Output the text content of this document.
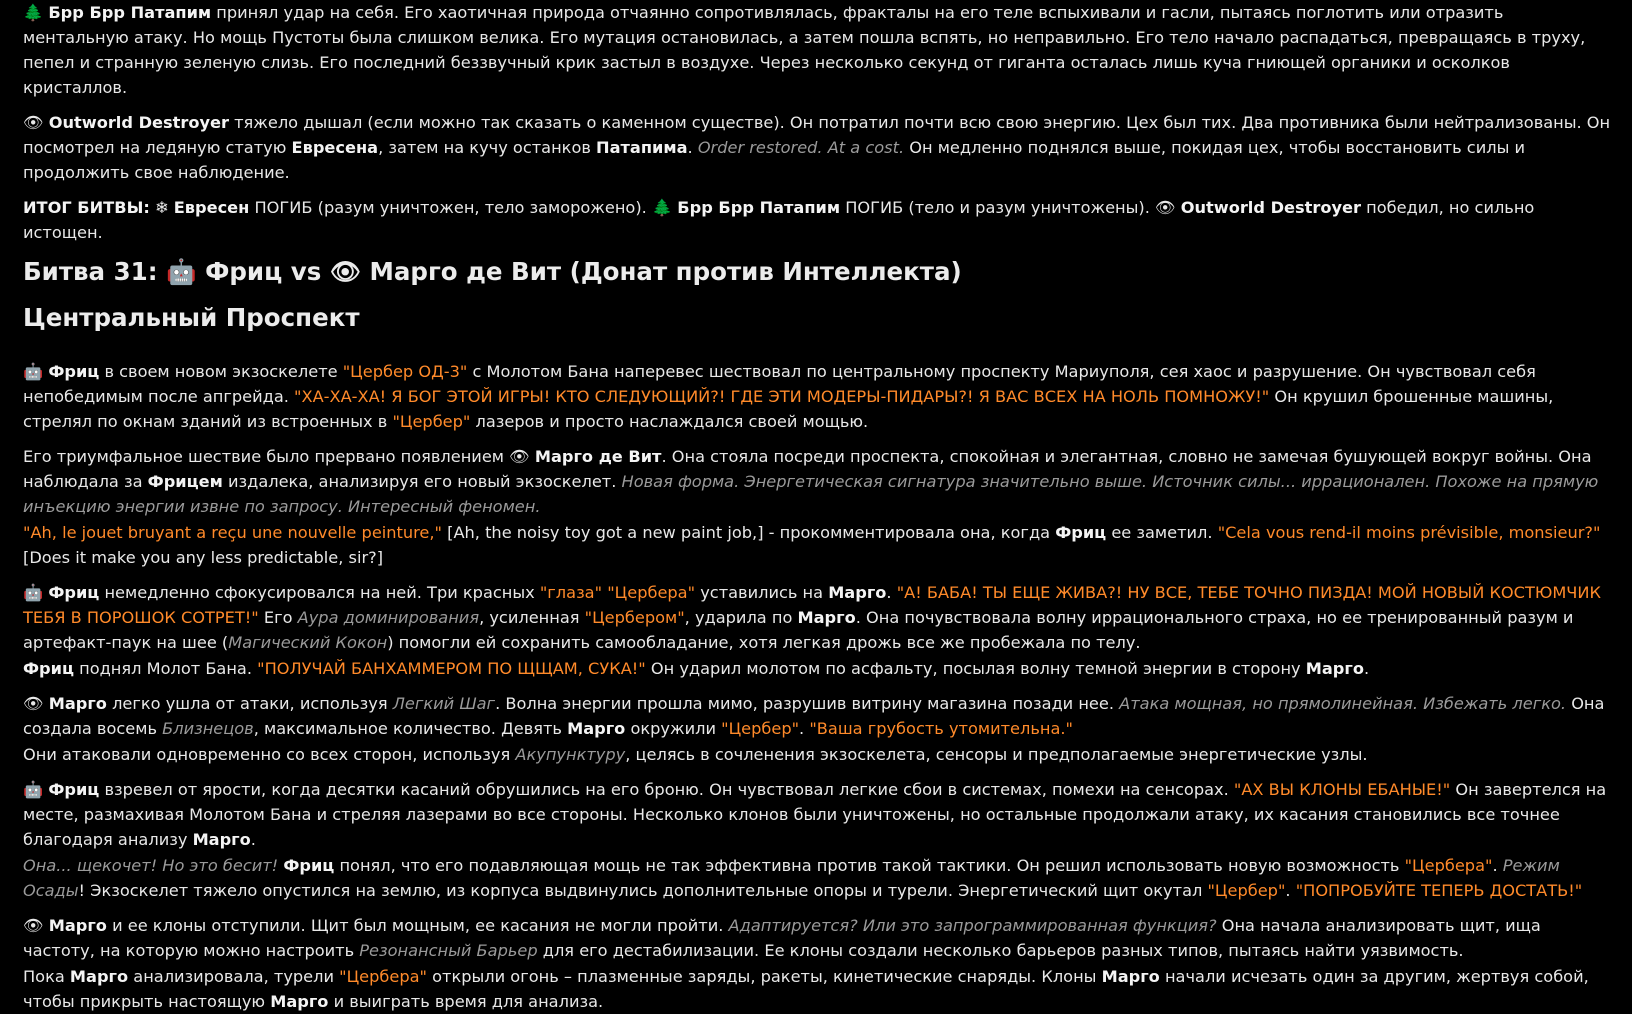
🌲 Брр Брр Патапим принял удар на себя. Его хаотичная природа отчаянно сопротивлялась, фракталы на его теле вспыхивали и гасли, пытаясь поглотить или отразить ментальную атаку. Но мощь Пустоты была слишком велика. Его мутация остановилась, а затем пошла вспять, но неправильно. Его тело начало распадаться, превращаясь в труху, пепел и странную зеленую слизь. Его последний беззвучный крик застыл в воздухе. Через несколько секунд от гиганта осталась лишь куча гниющей органики и осколков кристаллов.

👁 Outworld Destroyer тяжело дышал (если можно так сказать о каменном существе). Он потратил почти всю свою энергию. Цех был тих. Два противника были нейтрализованы. Он посмотрел на ледяную статую Евресена, затем на кучу останков Патапима. Order restored. At a cost. Он медленно поднялся выше, покидая цех, чтобы восстановить силы и продолжить свое наблюдение.

ИТОГ БИТВЫ: ❄ Евресен ПОГИБ (разум уничтожен, тело заморожено). 🌲 Брр Брр Патапим ПОГИБ (тело и разум уничтожены). 👁 Outworld Destroyer победил, но сильно истощен.

Битва 31: 🤖 Фриц vs 👁 Марго де Вит (Донат против Интеллекта)
Центральный Проспект

🤖 Фриц в своем новом экзоскелете "Цербер ОД-3" с Молотом Бана наперевес шествовал по центральному проспекту Мариуполя, сея хаос и разрушение. Он чувствовал себя непобедимым после апгрейда. "ХА-ХА-ХА! Я БОГ ЭТОЙ ИГРЫ! КТО СЛЕДУЮЩИЙ?! ГДЕ ЭТИ МОДЕРЫ-ПИДАРЫ?! Я ВАС ВСЕХ НА НОЛЬ ПОМНОЖУ!" Он крушил брошенные машины, стрелял по окнам зданий из встроенных в "Цербер" лазеров и просто наслаждался своей мощью.

Его триумфальное шествие было прервано появлением 👁 Марго де Вит. Она стояла посреди проспекта, спокойная и элегантная, словно не замечая бушующей вокруг войны. Она наблюдала за Фрицем издалека, анализируя его новый экзоскелет. Новая форма. Энергетическая сигнатура значительно выше. Источник силы... иррационален. Похоже на прямую инъекцию энергии извне по запросу. Интересный феномен.

"Ah, le jouet bruyant a reçu une nouvelle peinture," [Ah, the noisy toy got a new paint job,] - прокомментировала она, когда Фриц ее заметил. "Cela vous rend-il moins prévisible, monsieur?" [Does it make you any less predictable, sir?]

🤖 Фриц немедленно сфокусировался на ней. Три красных "глаза" "Цербера" уставились на Марго. "А! БАБА! ТЫ ЕЩЕ ЖИВА?! НУ ВСЕ, ТЕБЕ ТОЧНО ПИЗДА! МОЙ НОВЫЙ КОСТЮМЧИК ТЕБЯ В ПОРОШОК СОТРЕТ!" Его Аура доминирования, усиленная "Цербером", ударила по Марго. Она почувствовала волну иррационального страха, но ее тренированный разум и артефакт-паук на шее (Магический Кокон) помогли ей сохранить самообладание, хотя легкая дрожь все же пробежала по телу.

Фриц поднял Молот Бана. "ПОЛУЧАЙ БАНХАММЕРОМ ПО ЩЩАМ, СУКА!" Он ударил молотом по асфальту, посылая волну темной энергии в сторону Марго.

👁 Марго легко ушла от атаки, используя Легкий Шаг. Волна энергии прошла мимо, разрушив витрину магазина позади нее. Атака мощная, но прямолинейная. Избежать легко. Она создала восемь Близнецов, максимальное количество. Девять Марго окружили "Цербер". "Ваша грубость утомительна."

Они атаковали одновременно со всех сторон, используя Акупунктуру, целясь в сочленения экзоскелета, сенсоры и предполагаемые энергетические узлы.

🤖 Фриц взревел от ярости, когда десятки касаний обрушились на его броню. Он чувствовал легкие сбои в системах, помехи на сенсорах. "АХ ВЫ КЛОНЫ ЕБАНЫЕ!" Он завертелся на месте, размахивая Молотом Бана и стреляя лазерами во все стороны. Несколько клонов были уничтожены, но остальные продолжали атаку, их касания становились все точнее благодаря анализу Марго.

Она... щекочет! Но это бесит! Фриц понял, что его подавляющая мощь не так эффективна против такой тактики. Он решил использовать новую возможность "Цербера". Режим Осады! Экзоскелет тяжело опустился на землю, из корпуса выдвинулись дополнительные опоры и турели. Энергетический щит окутал "Цербер". "ПОПРОБУЙТЕ ТЕПЕРЬ ДОСТАТЬ!"

👁 Марго и ее клоны отступили. Щит был мощным, ее касания не могли пройти. Адаптируется? Или это запрограммированная функция? Она начала анализировать щит, ища частоту, на которую можно настроить Резонансный Барьер для его дестабилизации. Ее клоны создали несколько барьеров разных типов, пытаясь найти уязвимость.

Пока Марго анализировала, турели "Цербера" открыли огонь – плазменные заряды, ракеты, кинетические снаряды. Клоны Марго начали исчезать один за другим, жертвуя собой, чтобы прикрыть настоящую Марго и выиграть время для анализа.
